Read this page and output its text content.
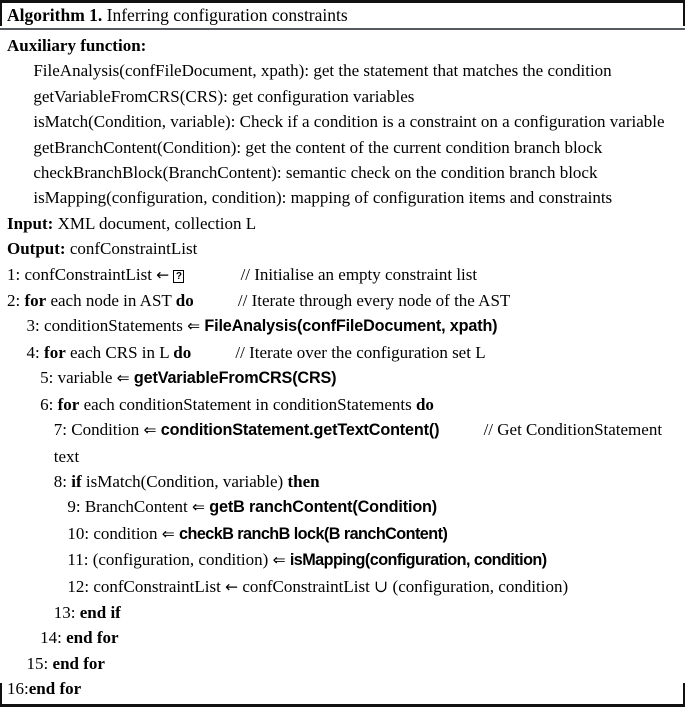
Algorithm 1. Inferring configuration constraints
Auxiliary function:
FileAnalysis(confFileDocument, xpath): get the statement that matches the condition
getVariableFromCRS(CRS): get configuration variables
isMatch(Condition, variable): Check if a condition is a constraint on a configuration variable
getBranchContent(Condition): get the content of the current condition branch block
checkBranchBlock(BranchContent): semantic check on the condition branch block
isMapping(configuration, condition): mapping of configuration items and constraints
Input: XML document, collection L
Output: confConstraintList
1: confConstraintList ← ?	// Initialise an empty constraint list
2: for each node in AST do	// Iterate through every node of the AST
3: conditionStatements ⇐ FileAnalysis(confFileDocument, xpath)
4: for each CRS in L do	// Iterate over the configuration set L
5: variable ⇐ getVariableFromCRS(CRS)
6: for each conditionStatement in conditionStatements do
7: Condition ⇐ conditionStatement.getTextContent()	// Get ConditionStatement text
8: if isMatch(Condition, variable) then
9: BranchContent ⇐ getB ranchContent(Condition)
10: condition ⇐ checkB ranchB lock(B ranchContent)
11: (configuration, condition) ⇐ isMapping(configuration, condition)
12: confConstraintList ← confConstraintList ∪ (configuration, condition)
13: end if
14: end for
15: end for
16:end for
